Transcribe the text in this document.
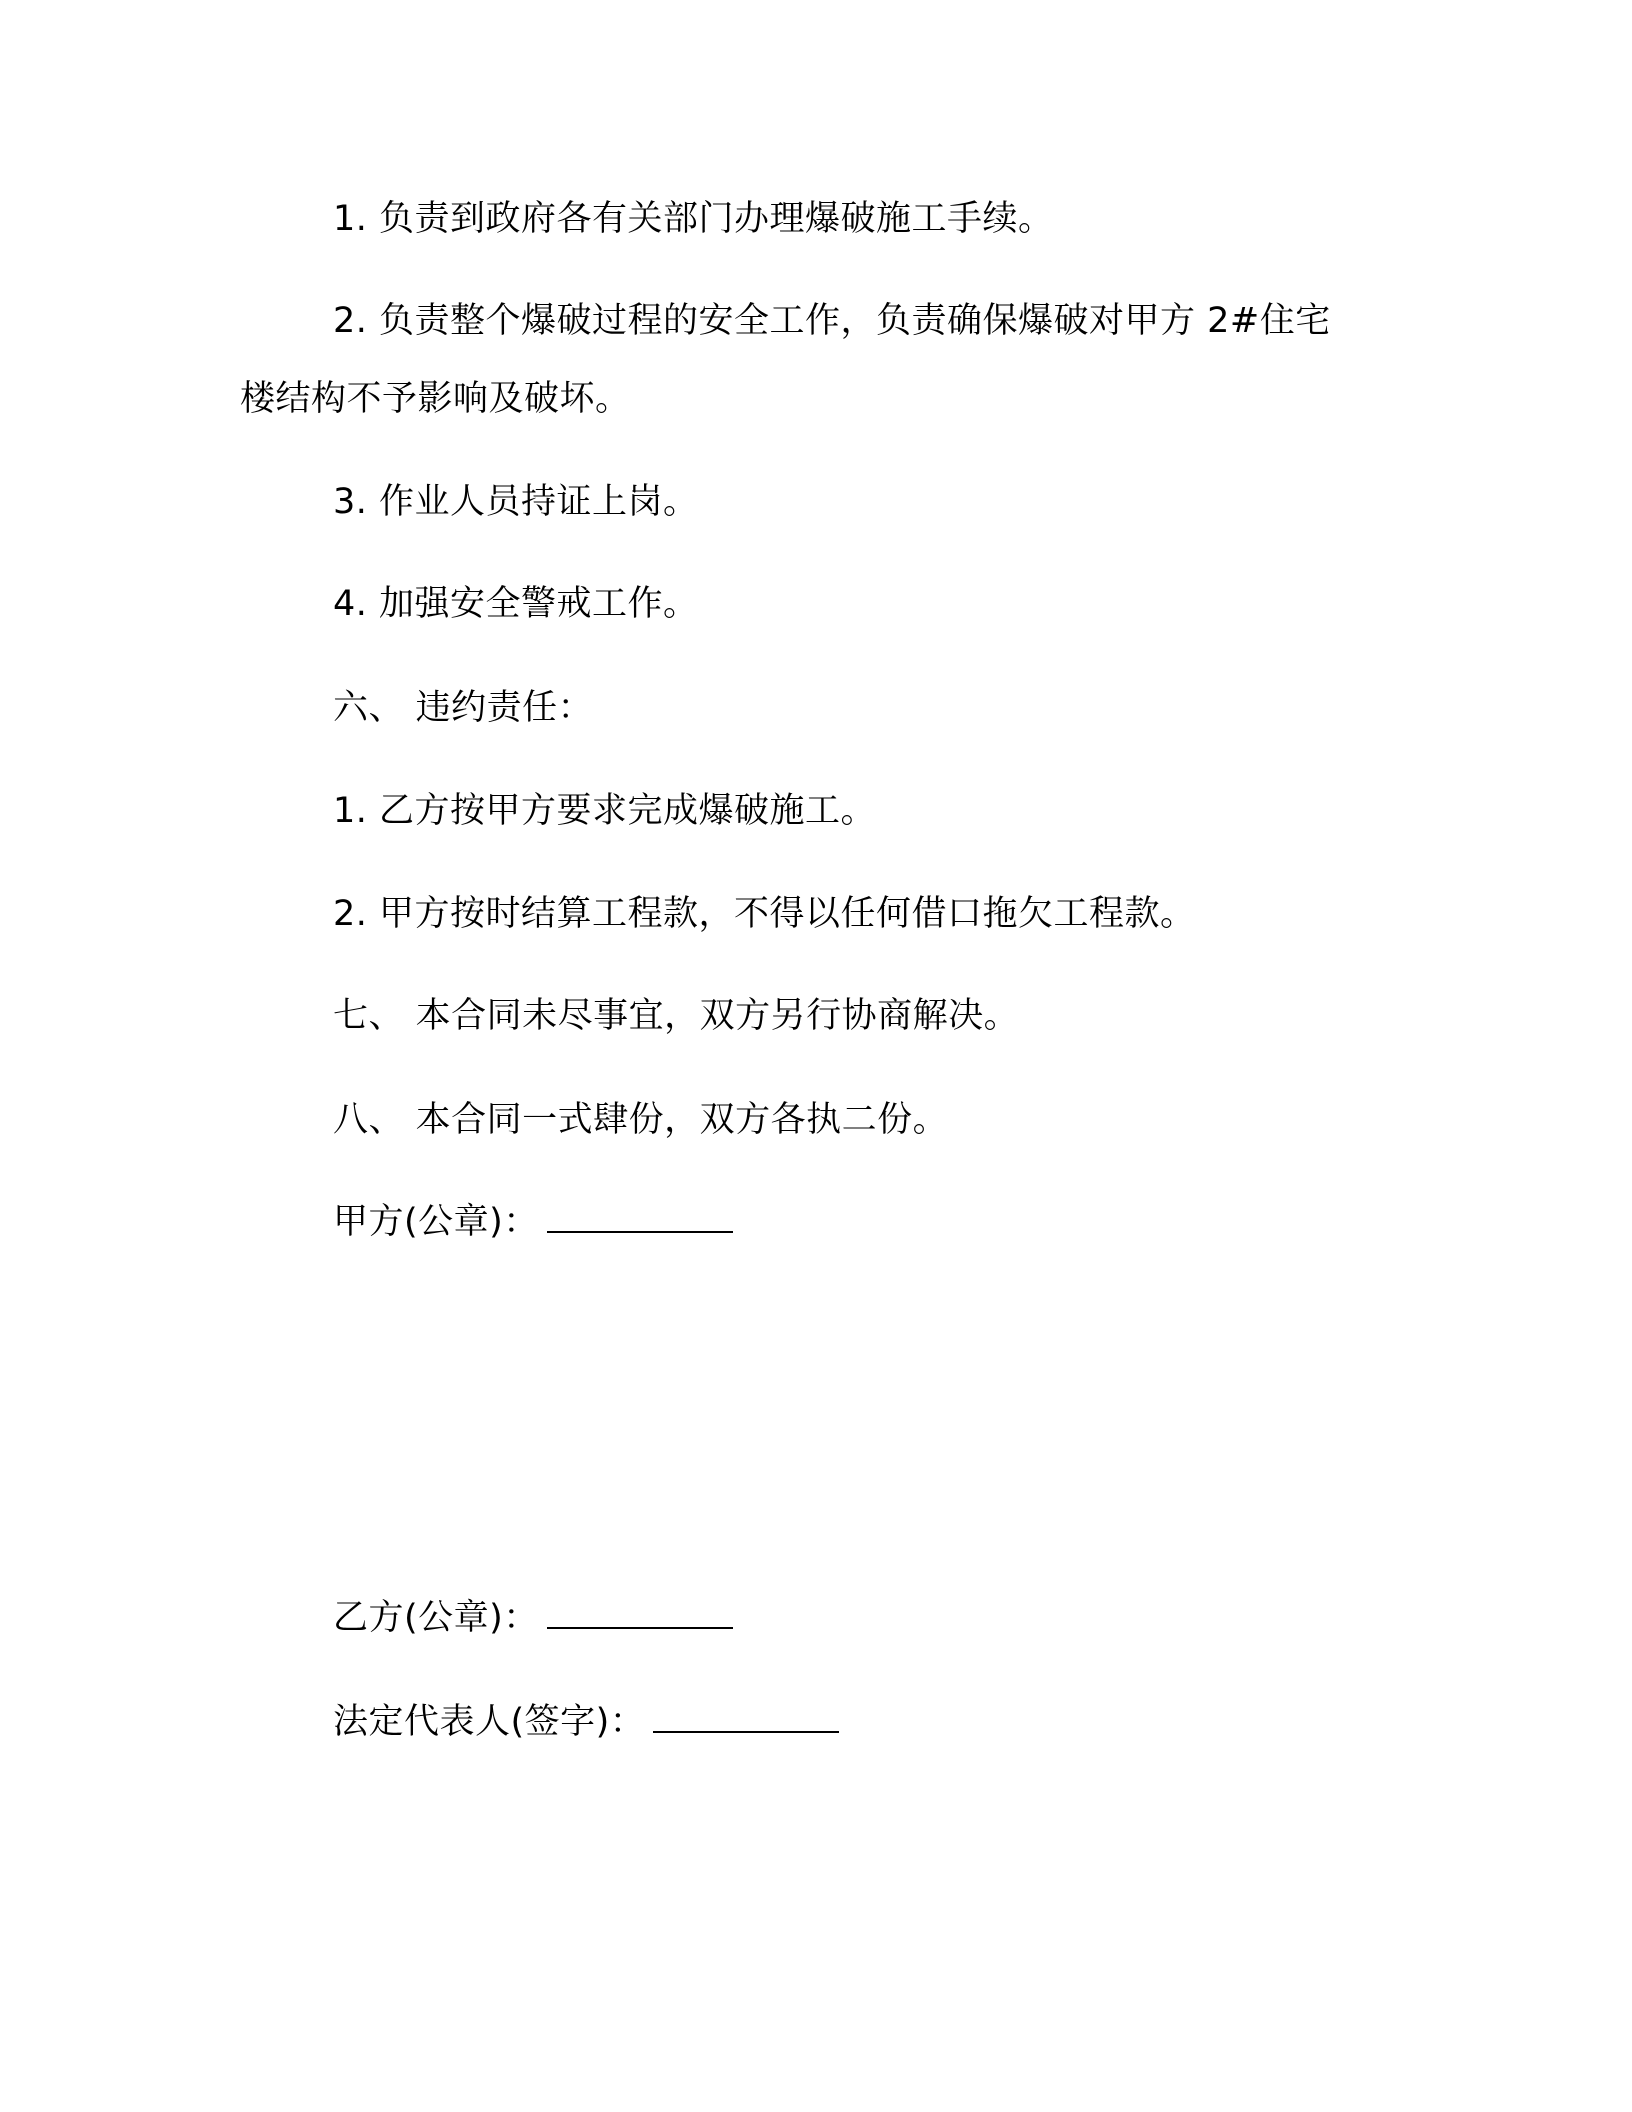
1. 负责到政府各有关部门办理爆破施工手续。
2. 负责整个爆破过程的安全工作，负责确保爆破对甲方 2#住宅
楼结构不予影响及破坏。
3. 作业人员持证上岗。
4. 加强安全警戒工作。
六、 违约责任：
1. 乙方按甲方要求完成爆破施工。
2. 甲方按时结算工程款，不得以任何借口拖欠工程款。
七、 本合同未尽事宜，双方另行协商解决。
八、 本合同一式肆份，双方各执二份。
甲方(公章)：
乙方(公章)：
法定代表人(签字)：
